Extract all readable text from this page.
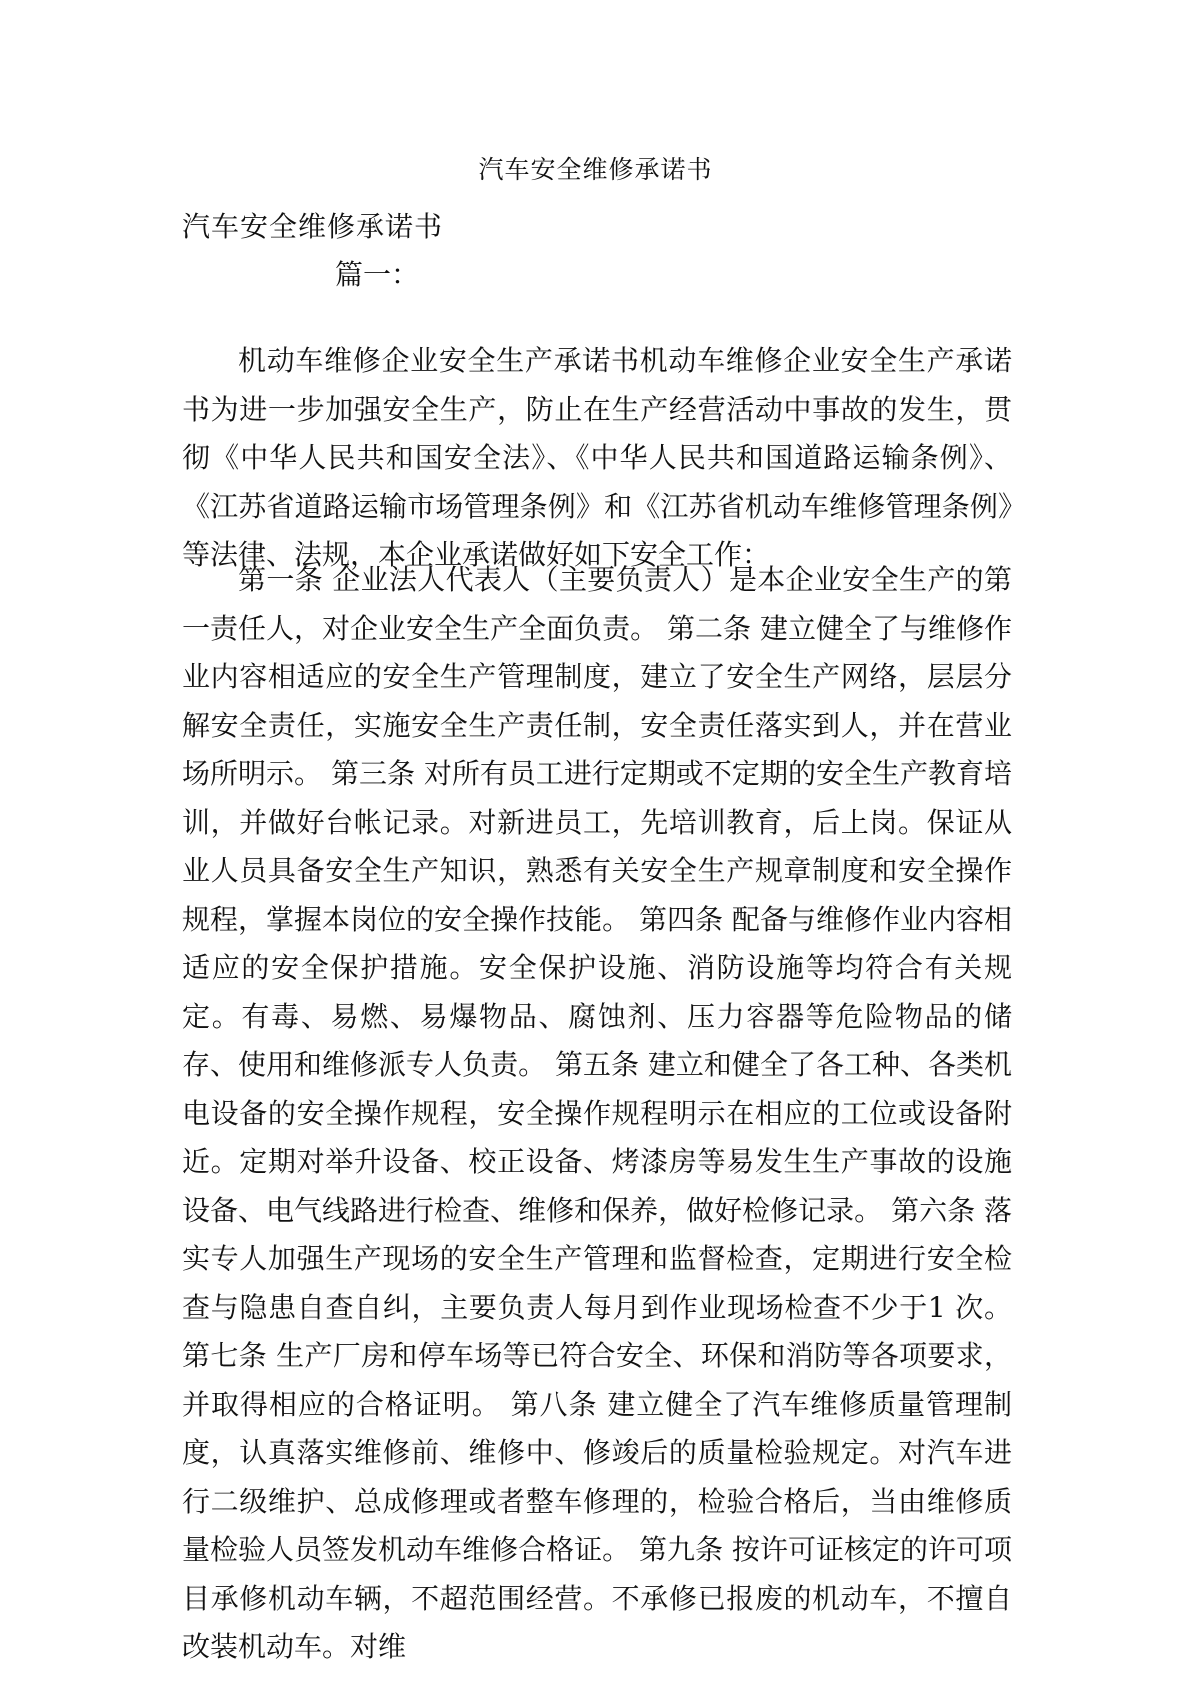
汽车安全维修承诺书
汽车安全维修承诺书
篇一：

机动车维修企业安全生产承诺书机动车维修企业安全生产承诺书为进一步加强安全生产，防止在生产经营活动中事故的发生，贯彻《中华人民共和国安全法》、《中华人民共和国道路运输条例》、《江苏省道路运输市场管理条例》和《江苏省机动车维修管理条例》等法律、法规，本企业承诺做好如下安全工作：

第一条 企业法人代表人（主要负责人）是本企业安全生产的第一责任人，对企业安全生产全面负责。 第二条 建立健全了与维修作业内容相适应的安全生产管理制度，建立了安全生产网络，层层分解安全责任，实施安全生产责任制，安全责任落实到人，并在营业场所明示。 第三条 对所有员工进行定期或不定期的安全生产教育培训，并做好台帐记录。对新进员工，先培训教育，后上岗。保证从业人员具备安全生产知识，熟悉有关安全生产规章制度和安全操作规程，掌握本岗位的安全操作技能。 第四条 配备与维修作业内容相适应的安全保护措施。安全保护设施、消防设施等均符合有关规定。有毒、易燃、易爆物品、腐蚀剂、压力容器等危险物品的储存、使用和维修派专人负责。 第五条 建立和健全了各工种、各类机电设备的安全操作规程，安全操作规程明示在相应的工位或设备附近。定期对举升设备、校正设备、烤漆房等易发生生产事故的设施设备、电气线路进行检查、维修和保养，做好检修记录。 第六条 落实专人加强生产现场的安全生产管理和监督检查，定期进行安全检查与隐患自查自纠，主要负责人每月到作业现场检查不少于1 次。 第七条 生产厂房和停车场等已符合安全、环保和消防等各项要求，并取得相应的合格证明。 第八条 建立健全了汽车维修质量管理制度，认真落实维修前、维修中、修竣后的质量检验规定。对汽车进行二级维护、总成修理或者整车修理的，检验合格后，当由维修质量检验人员签发机动车维修合格证。 第九条 按许可证核定的许可项目承修机动车辆，不超范围经营。不承修已报废的机动车，不擅自改装机动车。对维
